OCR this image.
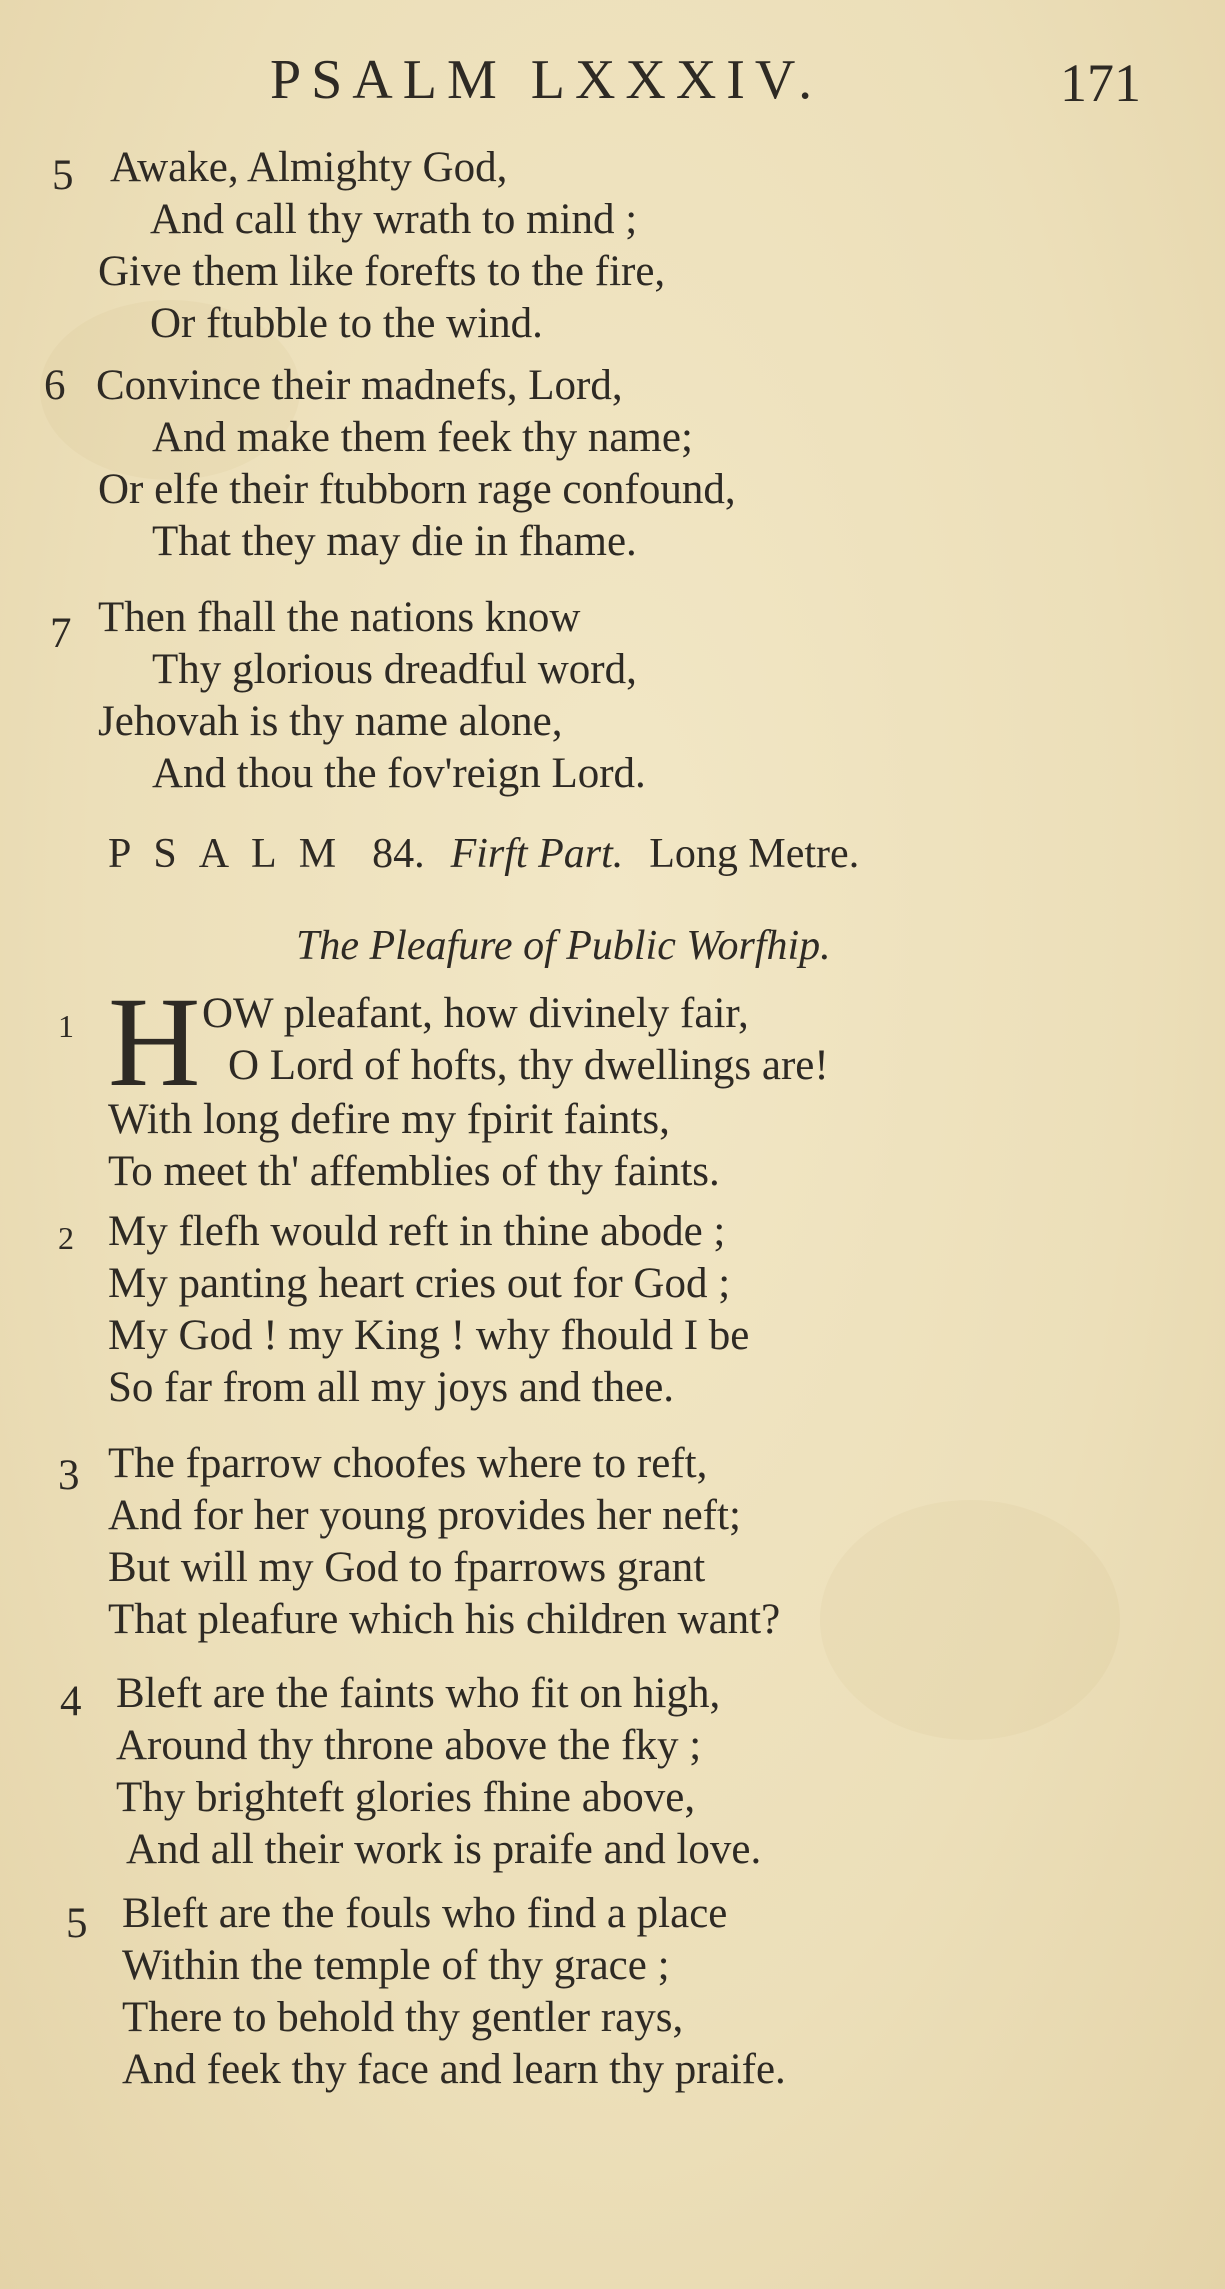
PSALM LXXXIV.	171
5 Awake, Almighty God,
And call thy wrath to mind ;
Give them like forefts to the fire,
Or ftubble to the wind.
6 Convince their madnefs, Lord,
And make them feek thy name;
Or elfe their ftubborn rage confound,
That they may die in fhame.
7 Then fhall the nations know
Thy glorious dreadful word,
Jehovah is thy name alone,
And thou the fov'reign Lord.
PSALM 84. Firft Part. Long Metre.
The Pleafure of Public Worfhip.
1 H OW pleafant, how divinely fair,
O Lord of hofts, thy dwellings are!
With long defire my fpirit faints,
To meet th' affemblies of thy faints.
2 My flefh would reft in thine abode ;
My panting heart cries out for God ;
My God ! my King ! why fhould I be
So far from all my joys and thee.
3 The fparrow choofes where to reft,
And for her young provides her neft;
But will my God to fparrows grant
That pleafure which his children want?
4 Bleft are the faints who fit on high,
Around thy throne above the fky ;
Thy brighteft glories fhine above,
And all their work is praife and love.
5 Bleft are the fouls who find a place
Within the temple of thy grace ;
There to behold thy gentler rays,
And feek thy face and learn thy praife.
